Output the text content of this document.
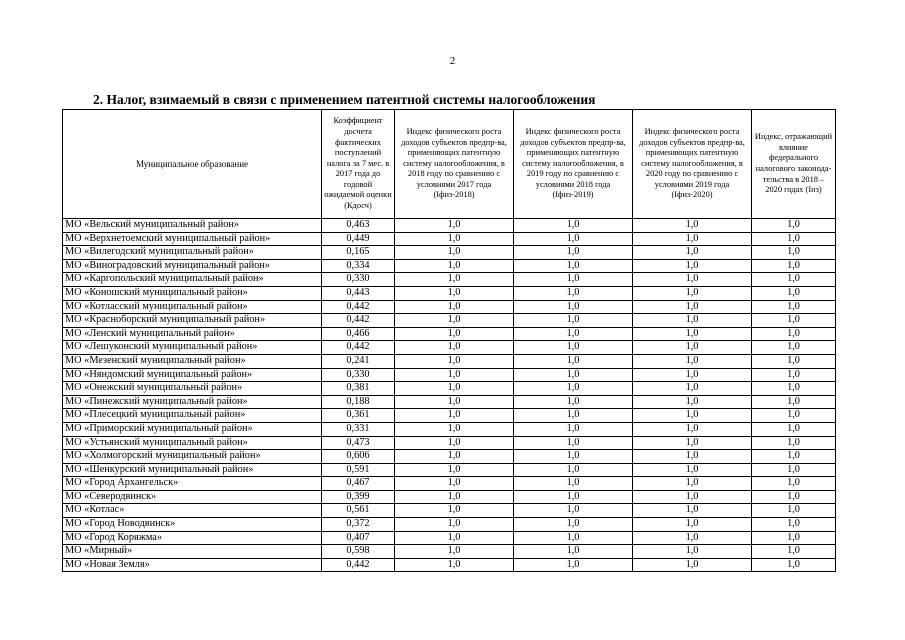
2
2. Налог, взимаемый в связи с применением патентной системы налогообложения
Муниципальное образование	Коэффициент досчета фактических поступлений налога за 7 мес. в 2017 года до годовой ожидаемой оценки (Кдосч)	Индекс физического роста доходов субъектов предпр-ва, применяющих патентную систему налогообложения, в 2018 году по сравнению с условиями 2017 года (Iфиз-2018)	Индекс физического роста доходов субъектов предпр-ва, применяющих патентную систему налогообложения, в 2019 году по сравнению с условиями 2018 года (Iфиз-2019)	Индекс физического роста доходов субъектов предпр-ва, применяющих патентную систему налогообложения, в 2020 году по сравнению с условиями 2019 года (Iфиз-2020)	Индекс, отражающий влияние федерального налогового законода-тельства в 2018 – 2020 годах (Iнз)
МО «Вельский муниципальный район»	0,463	1,0	1,0	1,0	1,0
МО «Верхнетоемский муниципальный район»	0,449	1,0	1,0	1,0	1,0
МО «Вилегодский муниципальный район»	0,165	1,0	1,0	1,0	1,0
МО «Виноградовский муниципальный район»	0,334	1,0	1,0	1,0	1,0
МО «Каргопольский муниципальный район»	0,330	1,0	1,0	1,0	1,0
МО «Коношский муниципальный район»	0,443	1,0	1,0	1,0	1,0
МО «Котласский муниципальный район»	0,442	1,0	1,0	1,0	1,0
МО «Красноборский муниципальный район»	0,442	1,0	1,0	1,0	1,0
МО «Ленский муниципальный район»	0,466	1,0	1,0	1,0	1,0
МО «Лешуконский муниципальный район»	0,442	1,0	1,0	1,0	1,0
МО «Мезенский муниципальный район»	0,241	1,0	1,0	1,0	1,0
МО «Няндомский муниципальный район»	0,330	1,0	1,0	1,0	1,0
МО «Онежский муниципальный район»	0,381	1,0	1,0	1,0	1,0
МО «Пинежский муниципальный район»	0,188	1,0	1,0	1,0	1,0
МО «Плесецкий муниципальный район»	0,361	1,0	1,0	1,0	1,0
МО «Приморский муниципальный район»	0,331	1,0	1,0	1,0	1,0
МО «Устьянский муниципальный район»	0,473	1,0	1,0	1,0	1,0
МО «Холмогорский муниципальный район»	0,606	1,0	1,0	1,0	1,0
МО «Шенкурский муниципальный район»	0,591	1,0	1,0	1,0	1,0
МО «Город Архангельск»	0,467	1,0	1,0	1,0	1,0
МО «Северодвинск»	0,399	1,0	1,0	1,0	1,0
МО «Котлас»	0,561	1,0	1,0	1,0	1,0
МО «Город Новодвинск»	0,372	1,0	1,0	1,0	1,0
МО «Город Коряжма»	0,407	1,0	1,0	1,0	1,0
МО «Мирный»	0,598	1,0	1,0	1,0	1,0
МО «Новая Земля»	0,442	1,0	1,0	1,0	1,0
